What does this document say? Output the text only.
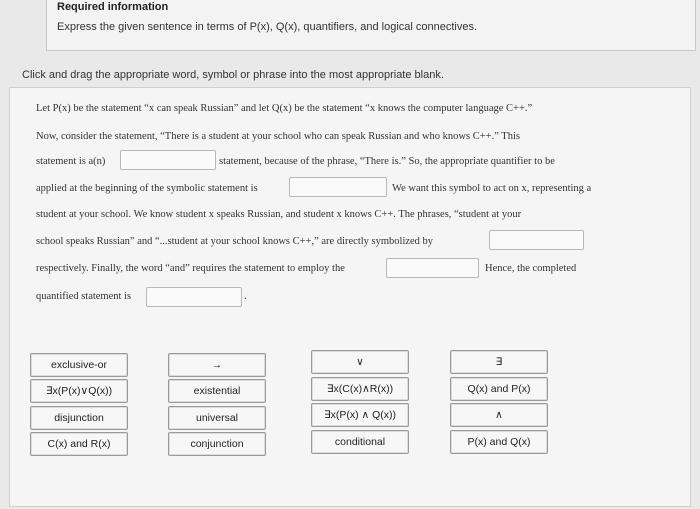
Required information
Express the given sentence in terms of P(x), Q(x), quantifiers, and logical connectives.
Click and drag the appropriate word, symbol or phrase into the most appropriate blank.
Let P(x) be the statement “x can speak Russian” and let Q(x) be the statement “x knows the computer language C++.”
Now, consider the statement, “There is a student at your school who can speak Russian and who knows C++.” This
statement is a(n)	statement, because of the phrase, “There is.” So, the appropriate quantifier to be
applied at the beginning of the symbolic statement is	We want this symbol to act on x, representing a
student at your school. We know student x speaks Russian, and student x knows C++. The phrases, “student at your
school speaks Russian” and “...student at your school knows C++,” are directly symbolized by
respectively. Finally, the word “and” requires the statement to employ the	Hence, the completed
quantified statement is	.
exclusive-or
∃x(P(x)∨Q(x))
disjunction
C(x) and R(x)
→
existential
universal
conjunction
∨
∃x(C(x)∧R(x))
∃x(P(x) ∧ Q(x))
conditional
∃
Q(x) and P(x)
∧
P(x) and Q(x)
